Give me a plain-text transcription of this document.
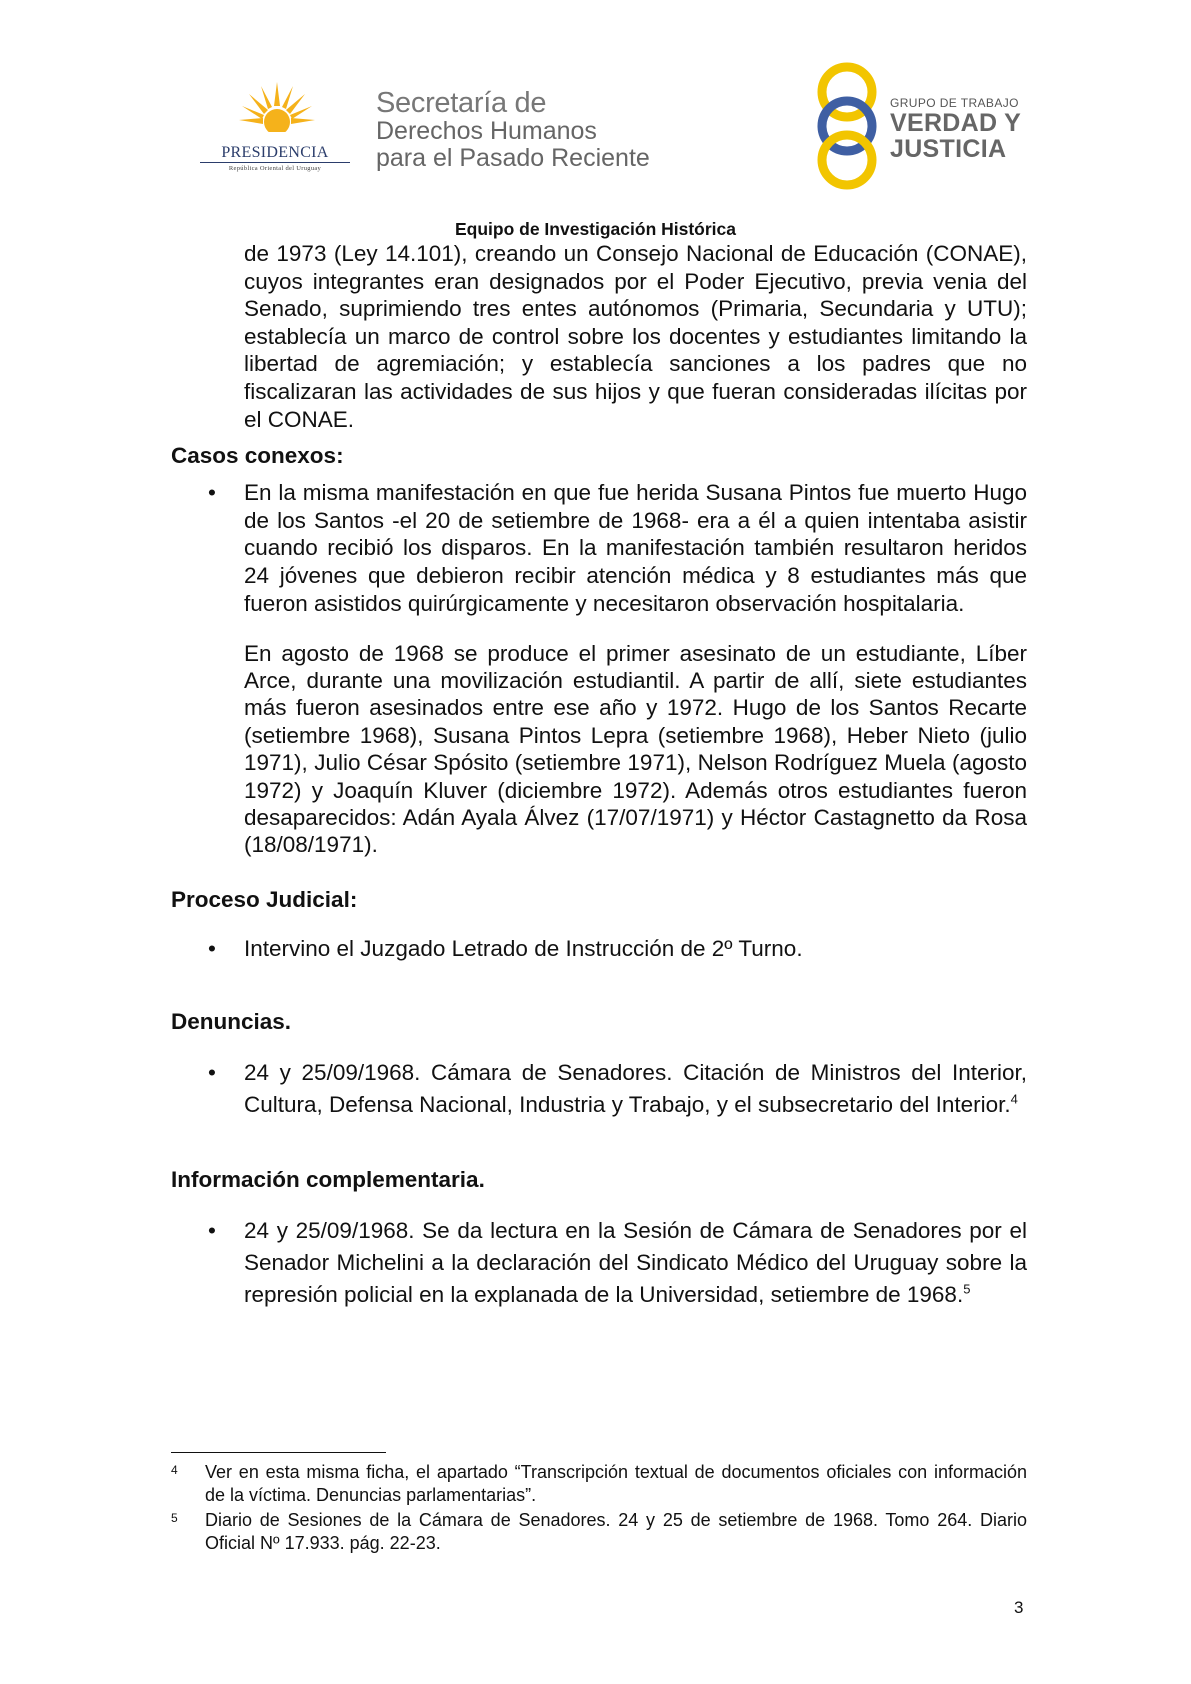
PRESIDENCIA
República Oriental del Uruguay
Secretaría de
Derechos Humanos
para el Pasado Reciente
GRUPO DE TRABAJO
VERDAD Y
JUSTICIA
Equipo de Investigación Histórica

de 1973 (Ley 14.101), creando un Consejo Nacional de Educación (CONAE), cuyos integrantes eran designados por el Poder Ejecutivo, previa venia del Senado, suprimiendo tres entes autónomos (Primaria, Secundaria y UTU); establecía un marco de control sobre los docentes y estudiantes limitando la libertad de agremiación; y establecía sanciones a los padres que no fiscalizaran las actividades de sus hijos y que fueran consideradas ilícitas por el CONAE.

Casos conexos:

• En la misma manifestación en que fue herida Susana Pintos fue muerto Hugo de los Santos -el 20 de setiembre de 1968- era a él a quien intentaba asistir cuando recibió los disparos. En la manifestación también resultaron heridos 24 jóvenes que debieron recibir atención médica y 8 estudiantes más que fueron asistidos quirúrgicamente y necesitaron observación hospitalaria.

En agosto de 1968 se produce el primer asesinato de un estudiante, Líber Arce, durante una movilización estudiantil. A partir de allí, siete estudiantes más fueron asesinados entre ese año y 1972. Hugo de los Santos Recarte (setiembre 1968), Susana Pintos Lepra (setiembre 1968), Heber Nieto (julio 1971), Julio César Spósito (setiembre 1971), Nelson Rodríguez Muela (agosto 1972) y Joaquín Kluver (diciembre 1972). Además otros estudiantes fueron desaparecidos: Adán Ayala Álvez (17/07/1971) y Héctor Castagnetto da Rosa (18/08/1971).

Proceso Judicial:

• Intervino el Juzgado Letrado de Instrucción de 2º Turno.

Denuncias.

• 24 y 25/09/1968. Cámara de Senadores. Citación de Ministros del Interior, Cultura, Defensa Nacional, Industria y Trabajo, y el subsecretario del Interior.$^4$

Información complementaria.

• 24 y 25/09/1968. Se da lectura en la Sesión de Cámara de Senadores por el Senador Michelini a la declaración del Sindicato Médico del Uruguay sobre la represión policial en la explanada de la Universidad, setiembre de 1968.$^5$

4 Ver en esta misma ficha, el apartado “Transcripción textual de documentos oficiales con información de la víctima. Denuncias parlamentarias”.
5 Diario de Sesiones de la Cámara de Senadores. 24 y 25 de setiembre de 1968. Tomo 264. Diario Oficial Nº 17.933. pág. 22-23.
3
